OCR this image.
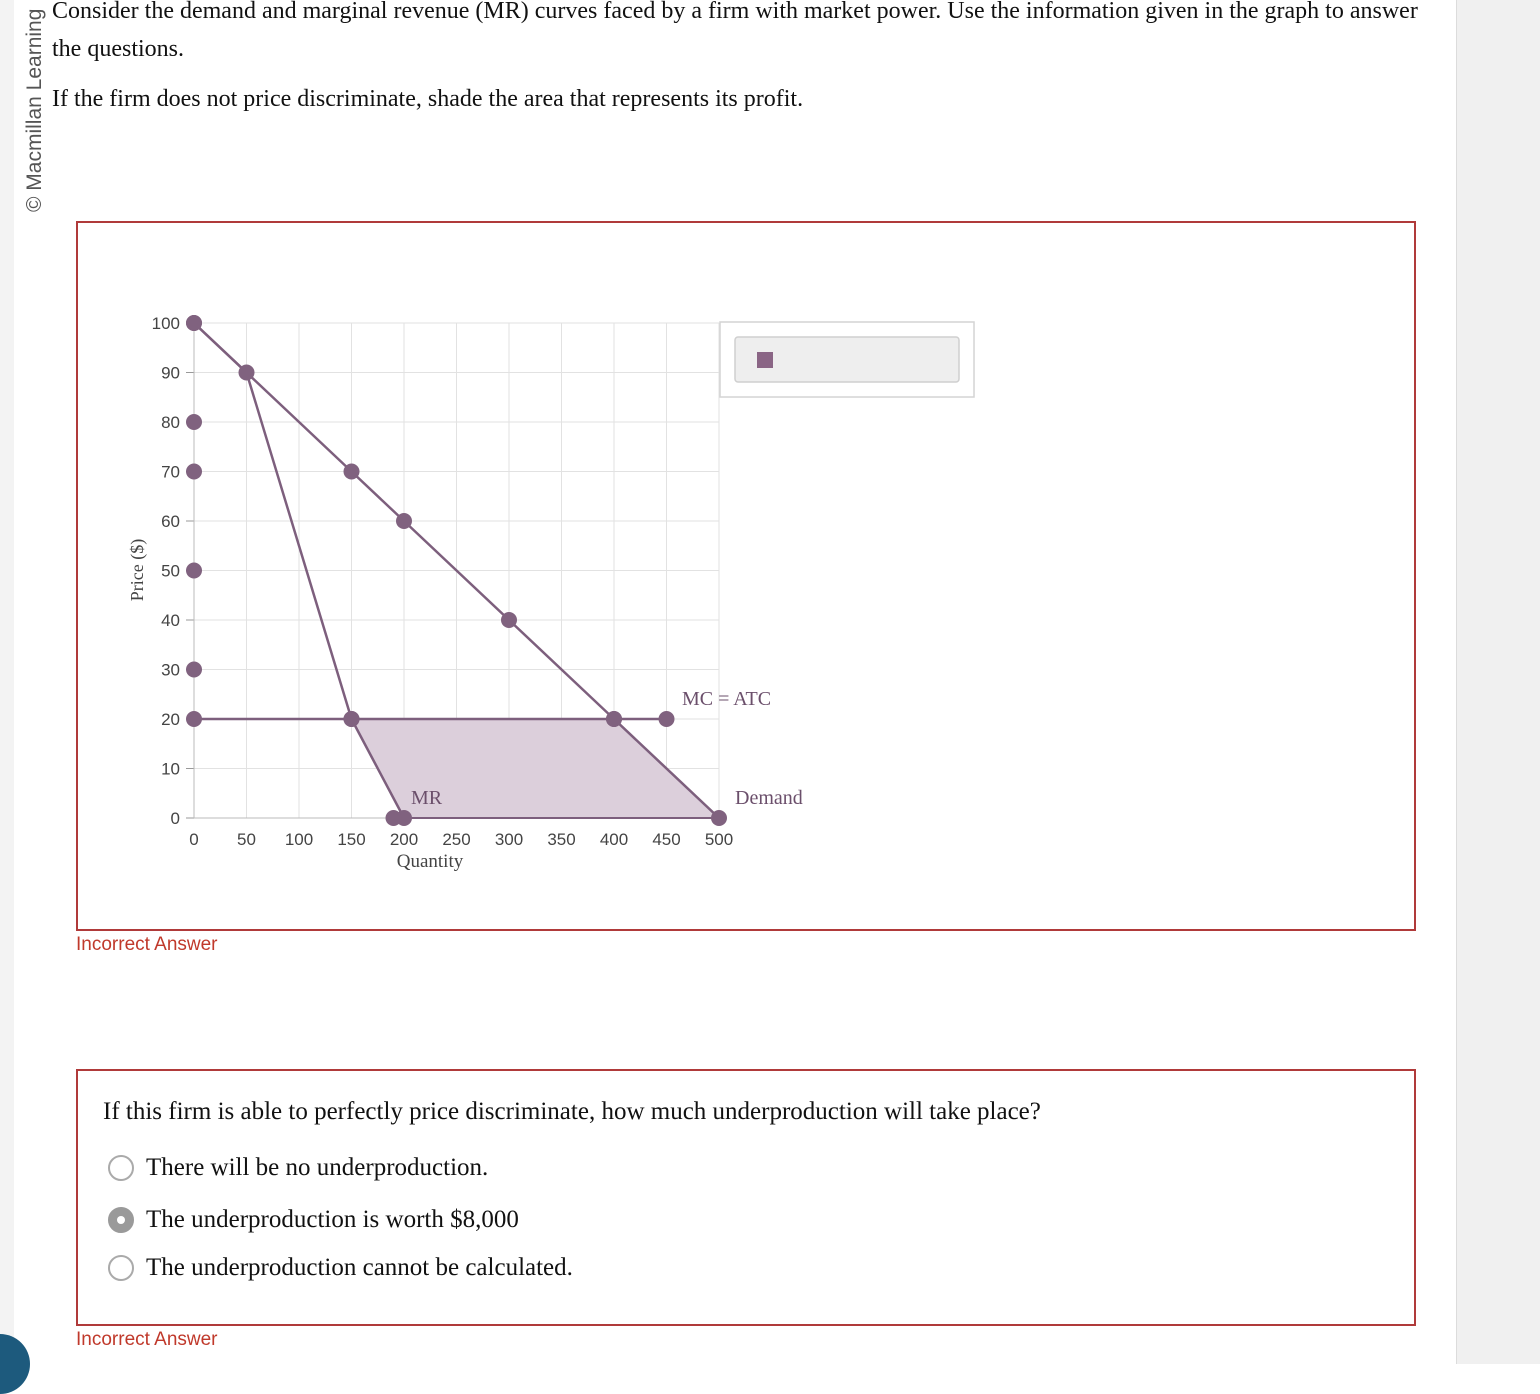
© Macmillan Learning Consider the demand and marginal revenue (MR) curves faced by a firm with market power. Use the information given in the graph to answer the questions.
If the firm does not price discriminate, shade the area that represents its profit.
0 50 100 150 200 250 300 350 400 450 500
0
10
20
30
40
50
60
70
80
90
100
Price ($)
Quantity
MC = ATC
Demand
MR
Incorrect Answer
If this firm is able to perfectly price discriminate, how much underproduction will take place?
There will be no underproduction.
The underproduction is worth $8,000
The underproduction cannot be calculated.
Incorrect Answer
